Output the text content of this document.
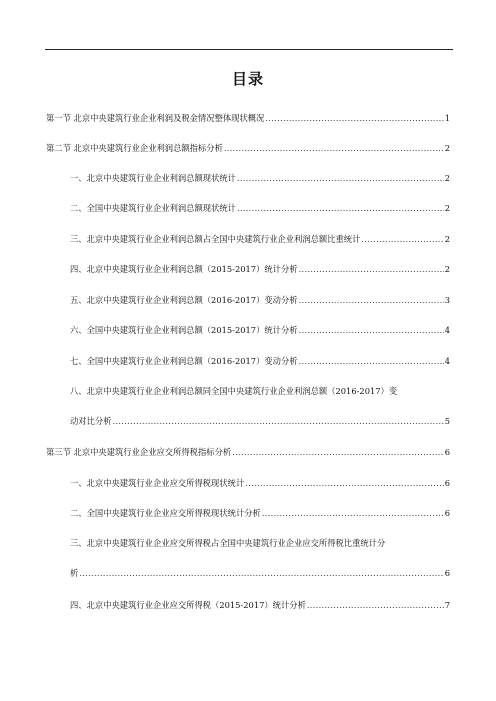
目录
第一节 北京中央建筑行业企业利润及税金情况整体现状概况 .....	1
第二节 北京中央建筑行业企业利润总额指标分析 .....	2
一、北京中央建筑行业企业利润总额现状统计 .....	2
二、全国中央建筑行业企业利润总额现状统计 .....	2
三、北京中央建筑行业企业利润总额占全国中央建筑行业企业利润总额比重统计 .....	2
四、北京中央建筑行业企业利润总额（2015-2017）统计分析 .....	2
五、北京中央建筑行业企业利润总额（2016-2017）变动分析 .....	3
六、全国中央建筑行业企业利润总额（2015-2017）统计分析 .....	4
七、全国中央建筑行业企业利润总额（2016-2017）变动分析 .....	4
八、北京中央建筑行业企业利润总额同全国中央建筑行业企业利润总额（2016-2017）变
动对比分析 .....	5
第三节 北京中央建筑行业企业应交所得税指标分析 .....	6
一、北京中央建筑行业企业应交所得税现状统计 .....	6
二、全国中央建筑行业企业应交所得税现状统计分析 .....	6
三、北京中央建筑行业企业应交所得税占全国中央建筑行业企业应交所得税比重统计分
析 .....	6
四、北京中央建筑行业企业应交所得税（2015-2017）统计分析 .....	7
